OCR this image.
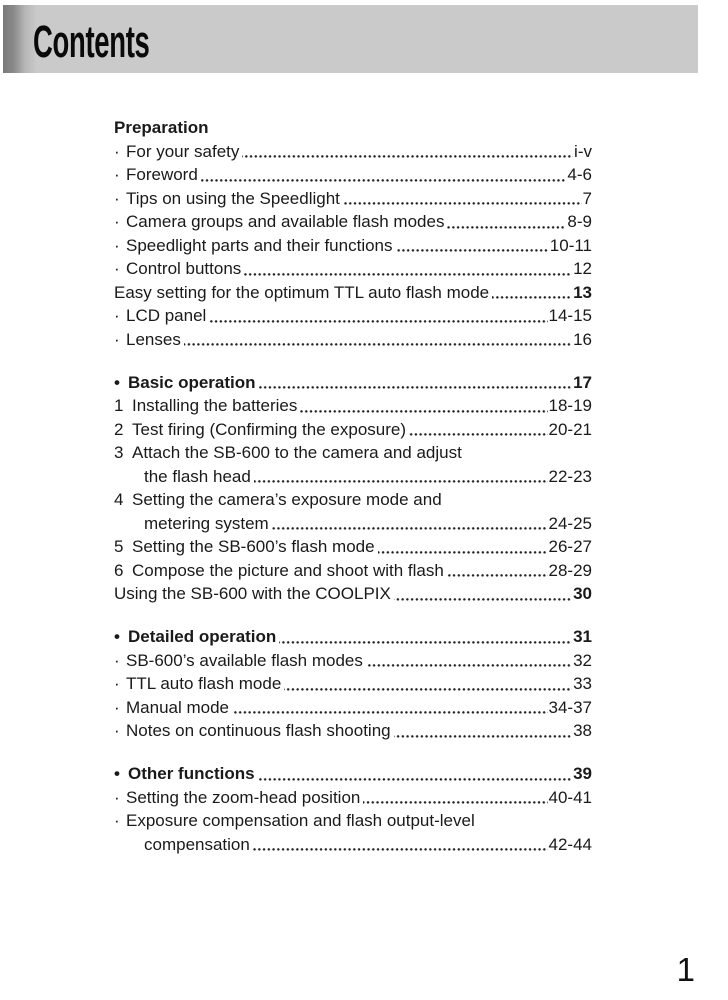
Contents
Preparation
· For your safety	i-v
· Foreword	4-6
· Tips on using the Speedlight	7
· Camera groups and available flash modes	8-9
· Speedlight parts and their functions	10-11
· Control buttons	12
Easy setting for the optimum TTL auto flash mode	13
· LCD panel	14-15
· Lenses	16
• Basic operation	17
1 Installing the batteries	18-19
2 Test firing (Confirming the exposure)	20-21
3 Attach the SB-600 to the camera and adjust
the flash head	22-23
4 Setting the camera’s exposure mode and
metering system	24-25
5 Setting the SB-600’s flash mode	26-27
6 Compose the picture and shoot with flash	28-29
Using the SB-600 with the COOLPIX	30
• Detailed operation	31
· SB-600’s available flash modes	32
· TTL auto flash mode	33
· Manual mode	34-37
· Notes on continuous flash shooting	38
• Other functions	39
· Setting the zoom-head position	40-41
· Exposure compensation and flash output-level
compensation	42-44
1
